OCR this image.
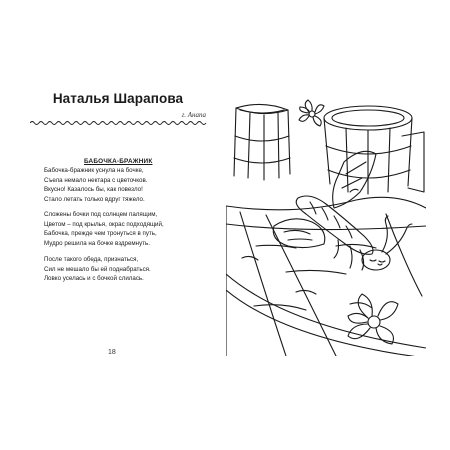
Наталья Шарапова
г. Анапа
БАБОЧКА-БРАЖНИК
Бабочка-бражник уснула на бочке,
Съела немало нектара с цветочков.
Вкусно! Казалось бы, как повезло!
Стало летать только вдруг тяжело.
Сложены бочки под солнцем палящим,
Цветом – под крылья, окрас подходящий,
Бабочка, прежде чем тронуться в путь,
Мудро решила на бочке вздремнуть.
После такого обеда, признаться,
Сил не мешало бы ей поднабраться.
Ловко уселась и с бочкой слилась.
18
